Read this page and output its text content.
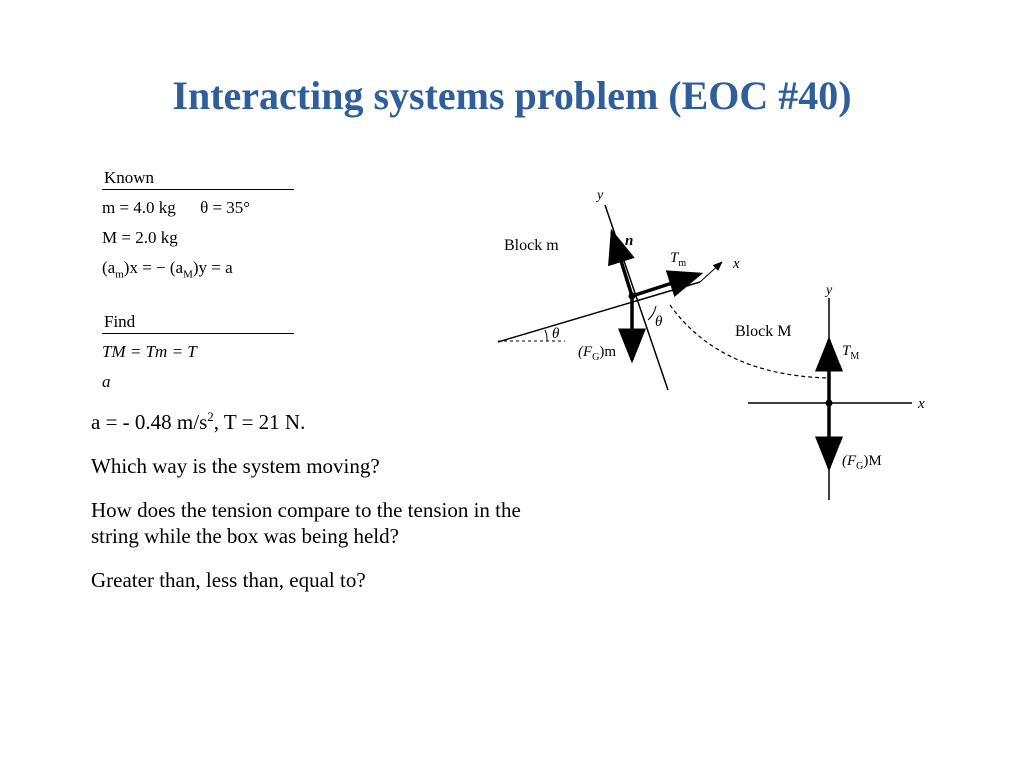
Interacting systems problem (EOC #40)
Known
m = 4.0 kg θ = 35°
M = 2.0 kg
$(a_m)x$ = − $(a_M)y = a$
Find
TM = Tm = T
a

a = - 0.48 $m/s^2$, T = 21 N.

Which way is the system moving?

How does the tension compare to the tension in the string while the box was being held?

Greater than, less than, equal to?

θ
θ
Block m
y
x
n
$T_m$
$(F_G)m$
Block M
y
x
$T_M$
$(F_G)M$
